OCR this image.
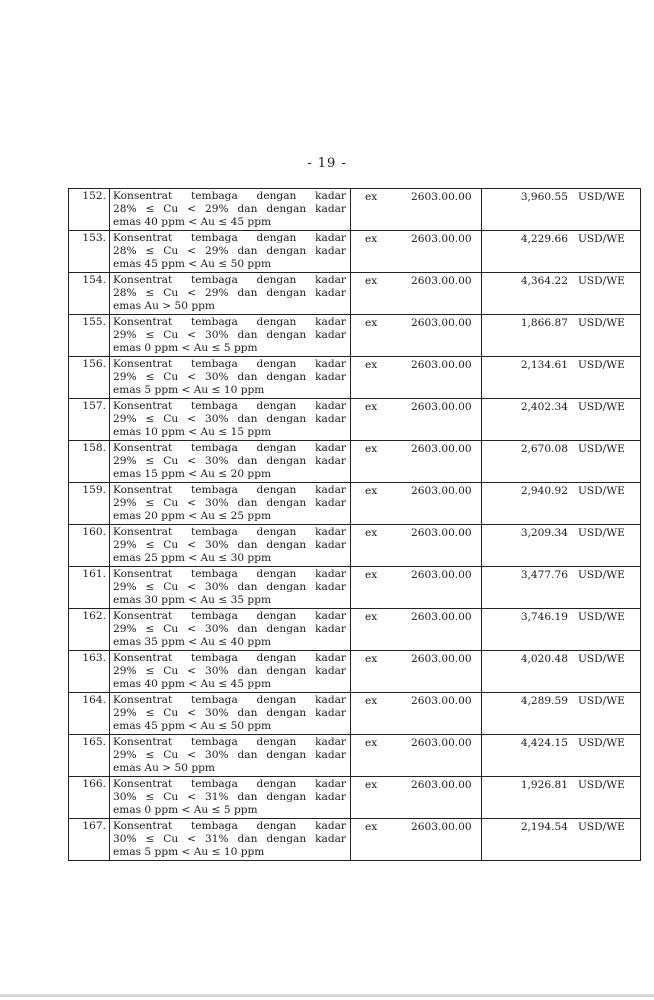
- 19 -
152.	Konsentrat tembaga dengan kadar
28% ≤ Cu < 29% dan dengan kadar
emas 40 ppm < Au ≤ 45 ppm	ex 2603.00.00	3,960.55 USD/WE
153.	Konsentrat tembaga dengan kadar
28% ≤ Cu < 29% dan dengan kadar
emas 45 ppm < Au ≤ 50 ppm	ex 2603.00.00	4,229.66 USD/WE
154.	Konsentrat tembaga dengan kadar
28% ≤ Cu < 29% dan dengan kadar
emas Au > 50 ppm	ex 2603.00.00	4,364.22 USD/WE
155.	Konsentrat tembaga dengan kadar
29% ≤ Cu < 30% dan dengan kadar
emas 0 ppm < Au ≤ 5 ppm	ex 2603.00.00	1,866.87 USD/WE
156.	Konsentrat tembaga dengan kadar
29% ≤ Cu < 30% dan dengan kadar
emas 5 ppm < Au ≤ 10 ppm	ex 2603.00.00	2,134.61 USD/WE
157.	Konsentrat tembaga dengan kadar
29% ≤ Cu < 30% dan dengan kadar
emas 10 ppm < Au ≤ 15 ppm	ex 2603.00.00	2,402.34 USD/WE
158.	Konsentrat tembaga dengan kadar
29% ≤ Cu < 30% dan dengan kadar
emas 15 ppm < Au ≤ 20 ppm	ex 2603.00.00	2,670.08 USD/WE
159.	Konsentrat tembaga dengan kadar
29% ≤ Cu < 30% dan dengan kadar
emas 20 ppm < Au ≤ 25 ppm	ex 2603.00.00	2,940.92 USD/WE
160.	Konsentrat tembaga dengan kadar
29% ≤ Cu < 30% dan dengan kadar
emas 25 ppm < Au ≤ 30 ppm	ex 2603.00.00	3,209.34 USD/WE
161.	Konsentrat tembaga dengan kadar
29% ≤ Cu < 30% dan dengan kadar
emas 30 ppm < Au ≤ 35 ppm	ex 2603.00.00	3,477.76 USD/WE
162.	Konsentrat tembaga dengan kadar
29% ≤ Cu < 30% dan dengan kadar
emas 35 ppm < Au ≤ 40 ppm	ex 2603.00.00	3,746.19 USD/WE
163.	Konsentrat tembaga dengan kadar
29% ≤ Cu < 30% dan dengan kadar
emas 40 ppm < Au ≤ 45 ppm	ex 2603.00.00	4,020.48 USD/WE
164.	Konsentrat tembaga dengan kadar
29% ≤ Cu < 30% dan dengan kadar
emas 45 ppm < Au ≤ 50 ppm	ex 2603.00.00	4,289.59 USD/WE
165.	Konsentrat tembaga dengan kadar
29% ≤ Cu < 30% dan dengan kadar
emas Au > 50 ppm	ex 2603.00.00	4,424.15 USD/WE
166.	Konsentrat tembaga dengan kadar
30% ≤ Cu < 31% dan dengan kadar
emas 0 ppm < Au ≤ 5 ppm	ex 2603.00.00	1,926.81 USD/WE
167.	Konsentrat tembaga dengan kadar
30% ≤ Cu < 31% dan dengan kadar
emas 5 ppm < Au ≤ 10 ppm	ex 2603.00.00	2,194.54 USD/WE
